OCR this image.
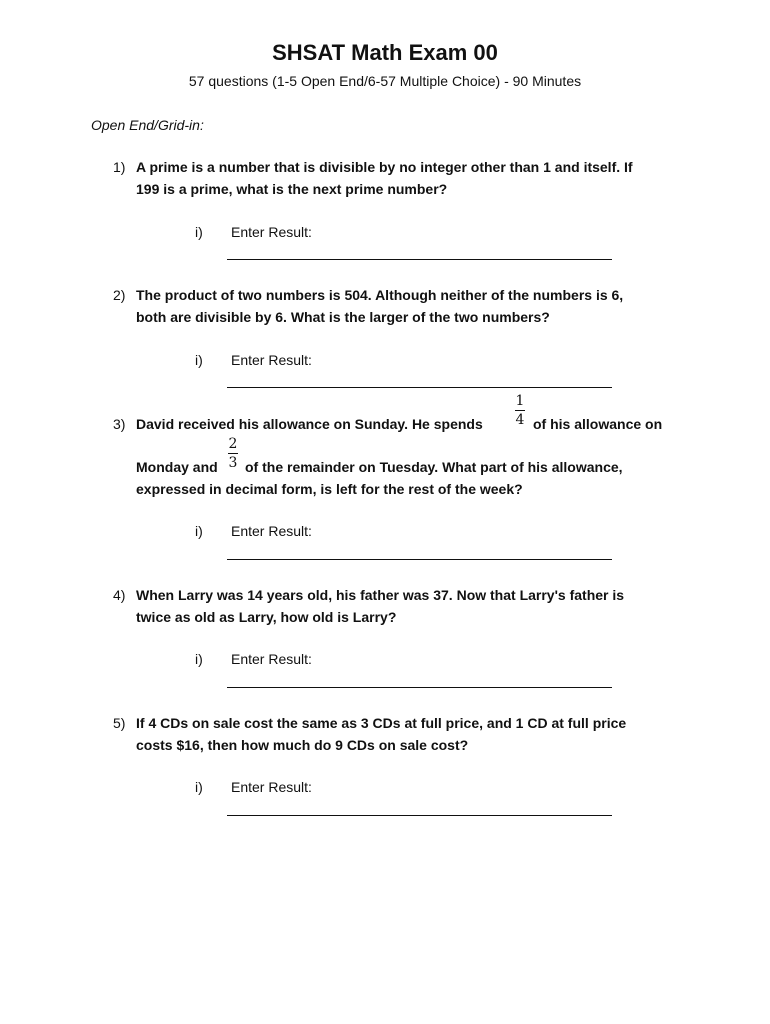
SHSAT Math Exam 00
57 questions (1-5 Open End/6-57 Multiple Choice) - 90 Minutes
Open End/Grid-in:
1) A prime is a number that is divisible by no integer other than 1 and itself. If
199 is a prime, what is the next prime number?
i) Enter Result:
2) The product of two numbers is 504. Although neither of the numbers is 6,
both are divisible by 6. What is the larger of the two numbers?
i) Enter Result:
3) David received his allowance on Sunday. He spends
1
4 of his allowance on
Monday and
2
3 of the remainder on Tuesday. What part of his allowance,
expressed in decimal form, is left for the rest of the week?
i) Enter Result:
4) When Larry was 14 years old, his father was 37. Now that Larry's father is
twice as old as Larry, how old is Larry?
i) Enter Result:
5) If 4 CDs on sale cost the same as 3 CDs at full price, and 1 CD at full price
costs $16, then how much do 9 CDs on sale cost?
i) Enter Result:
